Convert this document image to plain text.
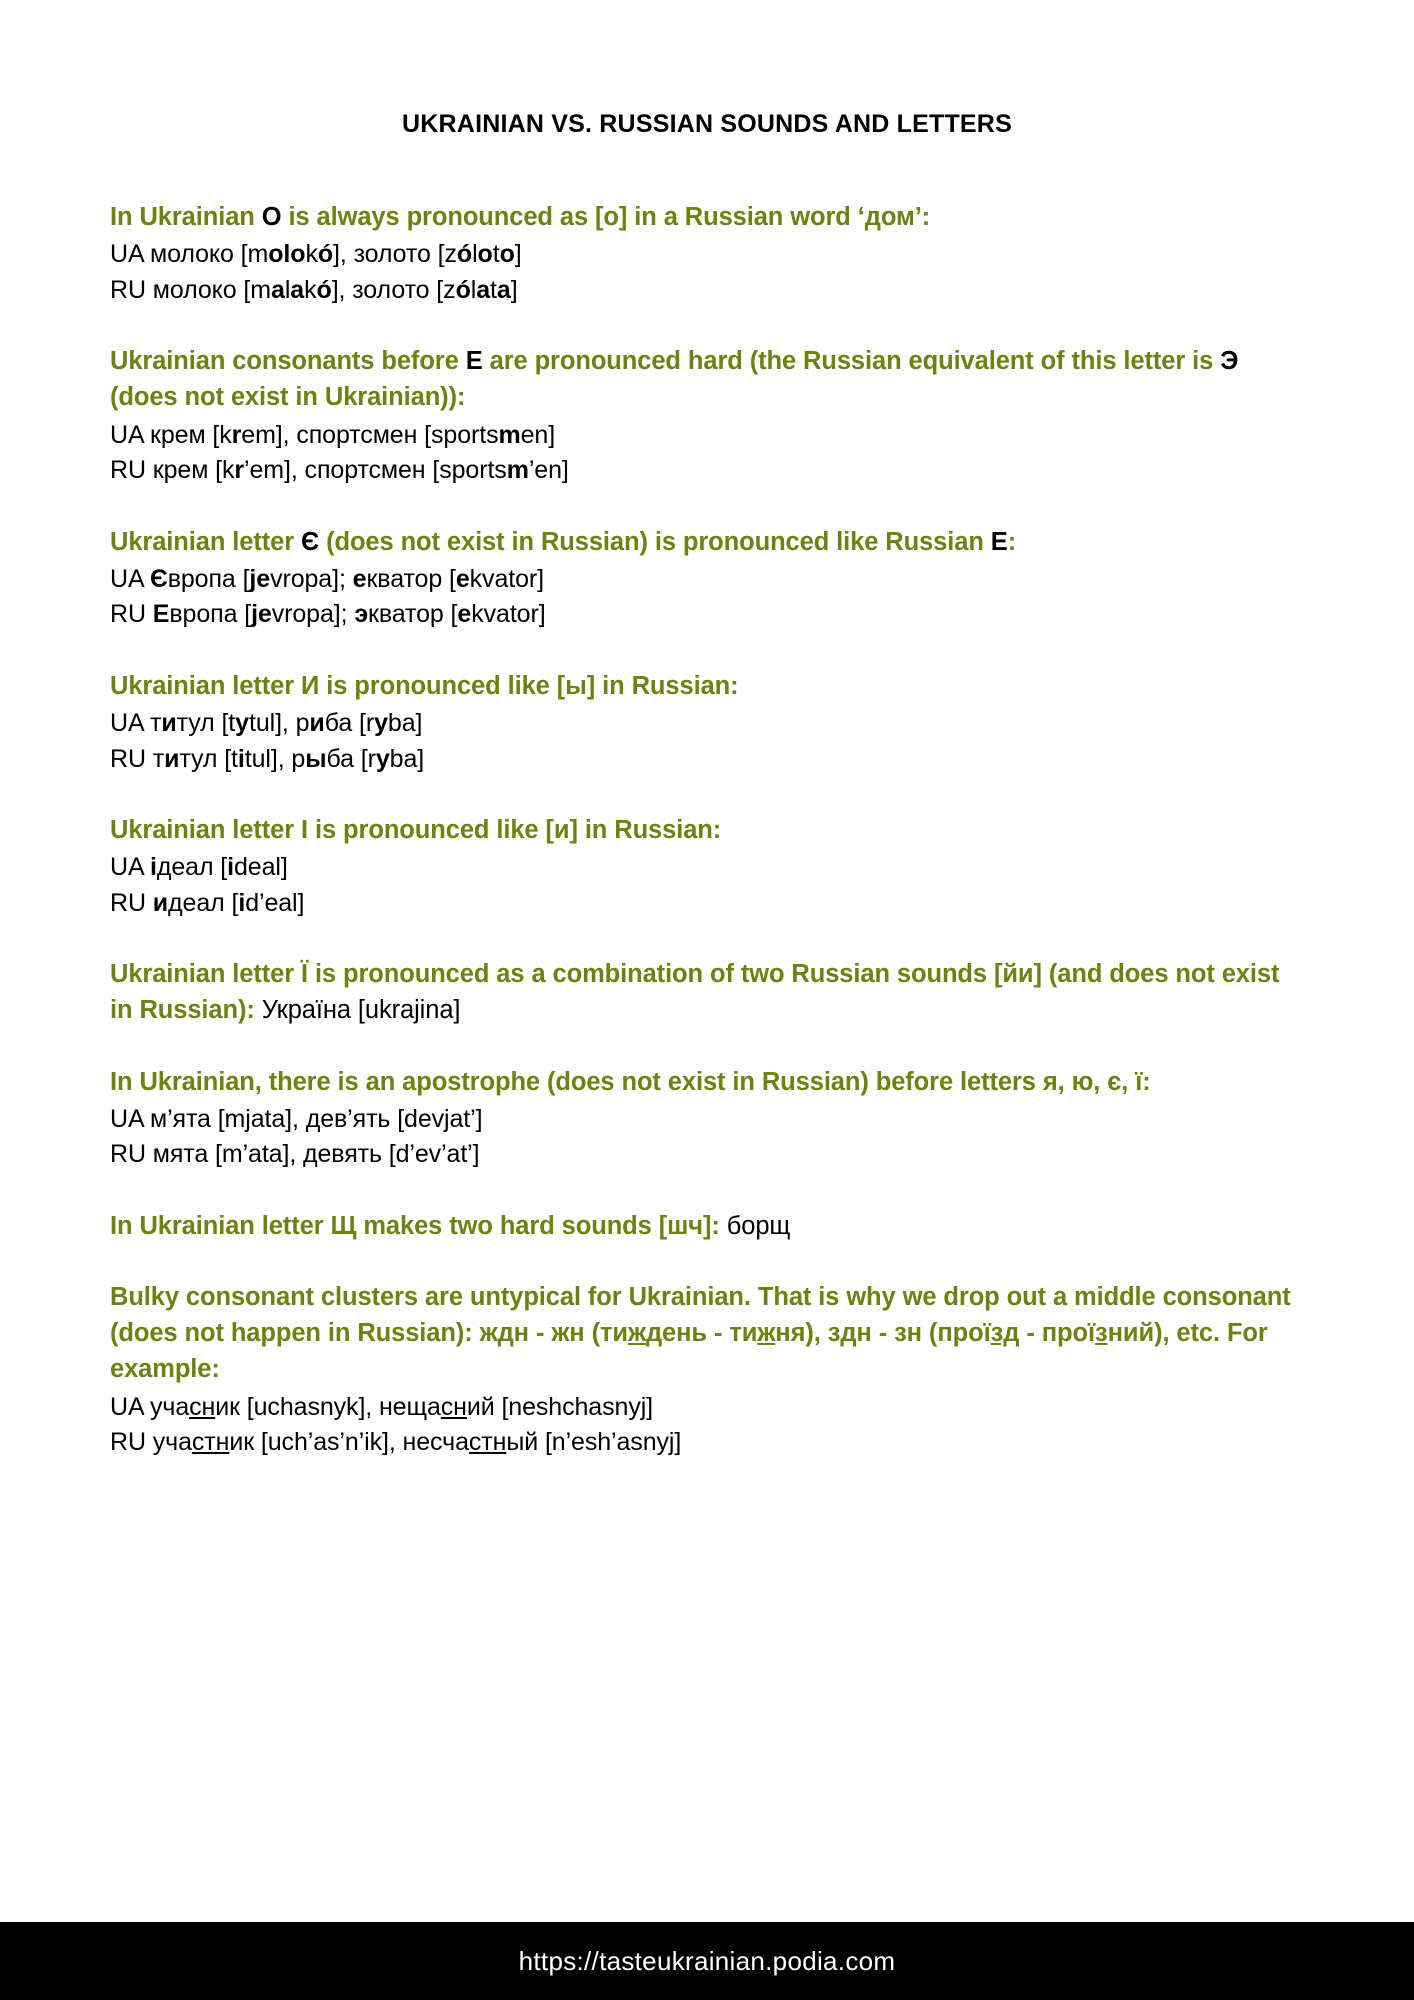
UKRAINIAN VS. RUSSIAN SOUNDS AND LETTERS
In Ukrainian О is always pronounced as [o] in a Russian word ‘дом’:
UA молоко [molokó], золото [zóloto]
RU молоко [malakó], золото [zólata]
Ukrainian consonants before Е are pronounced hard (the Russian equivalent of this letter is Э (does not exist in Ukrainian)):
UA крем [krem], спортсмен [sportsmen]
RU крем [kr’em], спортсмен [sportsm’en]
Ukrainian letter Є (does not exist in Russian) is pronounced like Russian Е:
UA Європа [jevropa]; екватор [ekvator]
RU Европа [jevropa]; экватор [ekvator]
Ukrainian letter И is pronounced like [ы] in Russian:
UA титул [tytul], риба [ryba]
RU титул [titul], рыба [ryba]
Ukrainian letter I is pronounced like [и] in Russian:
UA ідеал [ideal]
RU идеал [id’eal]
Ukrainian letter Ї is pronounced as a combination of two Russian sounds [йи] (and does not exist in Russian): Україна [ukrajina]
In Ukrainian, there is an apostrophe (does not exist in Russian) before letters я, ю, є, ї:
UA м’ята [mjata], дев’ять [devjat’]
RU мята [m’ata], девять [d’ev’at’]
In Ukrainian letter Щ makes two hard sounds [шч]: борщ
Bulky consonant clusters are untypical for Ukrainian. That is why we drop out a middle consonant (does not happen in Russian): ждн - жн (тиждень - тижня), здн - зн (проїзд - проїзний), etc. For example:
UA учасник [uchasnyk], нещасний [neshchasnyj]
RU участник [uch’as’n’ik], несчастный [n’esh’asnyj]
https://tasteukrainian.podia.com
